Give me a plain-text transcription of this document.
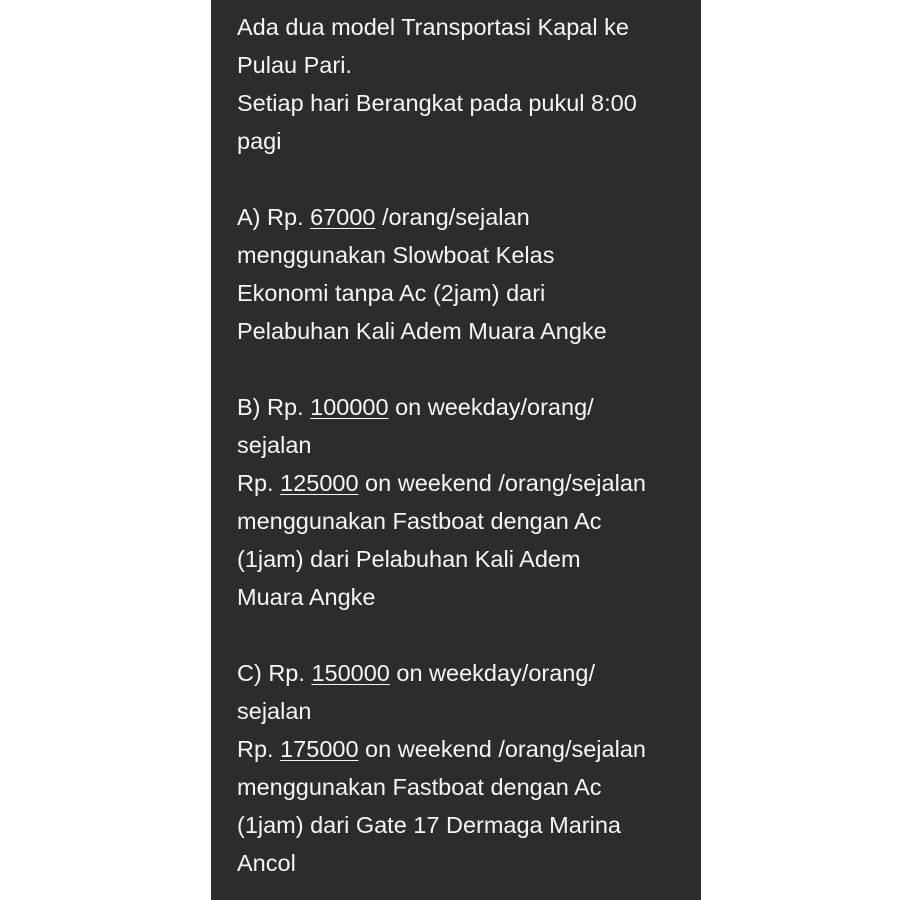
Ada dua model Transportasi Kapal ke
Pulau Pari.
Setiap hari Berangkat pada pukul 8:00
pagi
A) Rp. 67000 /orang/sejalan
menggunakan Slowboat Kelas
Ekonomi tanpa Ac (2jam) dari
Pelabuhan Kali Adem Muara Angke
B) Rp. 100000 on weekday/orang/
sejalan
Rp. 125000 on weekend /orang/sejalan
menggunakan Fastboat dengan Ac
(1jam) dari Pelabuhan Kali Adem
Muara Angke
C) Rp. 150000 on weekday/orang/
sejalan
Rp. 175000 on weekend /orang/sejalan
menggunakan Fastboat dengan Ac
(1jam) dari Gate 17 Dermaga Marina
Ancol
